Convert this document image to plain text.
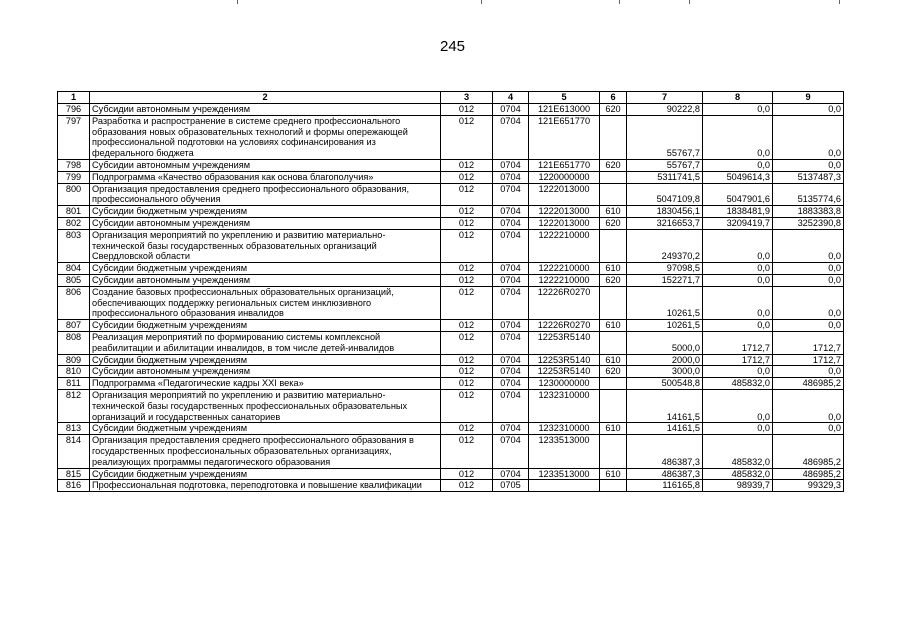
245
1	2	3	4	5	6	7	8	9
796	Субсидии автономным учреждениям	012	0704	121Е613000	620	90222,8	0,0	0,0
797	Разработка и распространение в системе среднего профессионального
образования новых образовательных технологий и формы опережающей
профессиональной подготовки на условиях софинансирования из
федерального бюджета	012	0704	121Е651770		55767,7	0,0	0,0
798	Субсидии автономным учреждениям	012	0704	121Е651770	620	55767,7	0,0	0,0
799	Подпрограмма «Качество образования как основа благополучия»	012	0704	1220000000		5311741,5	5049614,3	5137487,3
800	Организация предоставления среднего профессионального образования,
профессионального обучения	012	0704	1222013000		5047109,8	5047901,6	5135774,6
801	Субсидии бюджетным учреждениям	012	0704	1222013000	610	1830456,1	1838481,9	1883383,8
802	Субсидии автономным учреждениям	012	0704	1222013000	620	3216653,7	3209419,7	3252390,8
803	Организация мероприятий по укреплению и развитию материально-
технической базы государственных образовательных организаций
Свердловской области	012	0704	1222210000		249370,2	0,0	0,0
804	Субсидии бюджетным учреждениям	012	0704	1222210000	610	97098,5	0,0	0,0
805	Субсидии автономным учреждениям	012	0704	1222210000	620	152271,7	0,0	0,0
806	Создание базовых профессиональных образовательных организаций,
обеспечивающих поддержку региональных систем инклюзивного
профессионального образования инвалидов	012	0704	12226R0270		10261,5	0,0	0,0
807	Субсидии бюджетным учреждениям	012	0704	12226R0270	610	10261,5	0,0	0,0
808	Реализация мероприятий по формированию системы комплексной
реабилитации и абилитации инвалидов, в том числе детей-инвалидов	012	0704	12253R5140		5000,0	1712,7	1712,7
809	Субсидии бюджетным учреждениям	012	0704	12253R5140	610	2000,0	1712,7	1712,7
810	Субсидии автономным учреждениям	012	0704	12253R5140	620	3000,0	0,0	0,0
811	Подпрограмма «Педагогические кадры XXI века»	012	0704	1230000000		500548,8	485832,0	486985,2
812	Организация мероприятий по укреплению и развитию материально-
технической базы государственных профессиональных образовательных
организаций и государственных санаториев	012	0704	1232310000		14161,5	0,0	0,0
813	Субсидии бюджетным учреждениям	012	0704	1232310000	610	14161,5	0,0	0,0
814	Организация предоставления среднего профессионального образования в
государственных профессиональных образовательных организациях,
реализующих программы педагогического образования	012	0704	1233513000		486387,3	485832,0	486985,2
815	Субсидии бюджетным учреждениям	012	0704	1233513000	610	486387,3	485832,0	486985,2
816	Профессиональная подготовка, переподготовка и повышение квалификации	012	0705			116165,8	98939,7	99329,3
